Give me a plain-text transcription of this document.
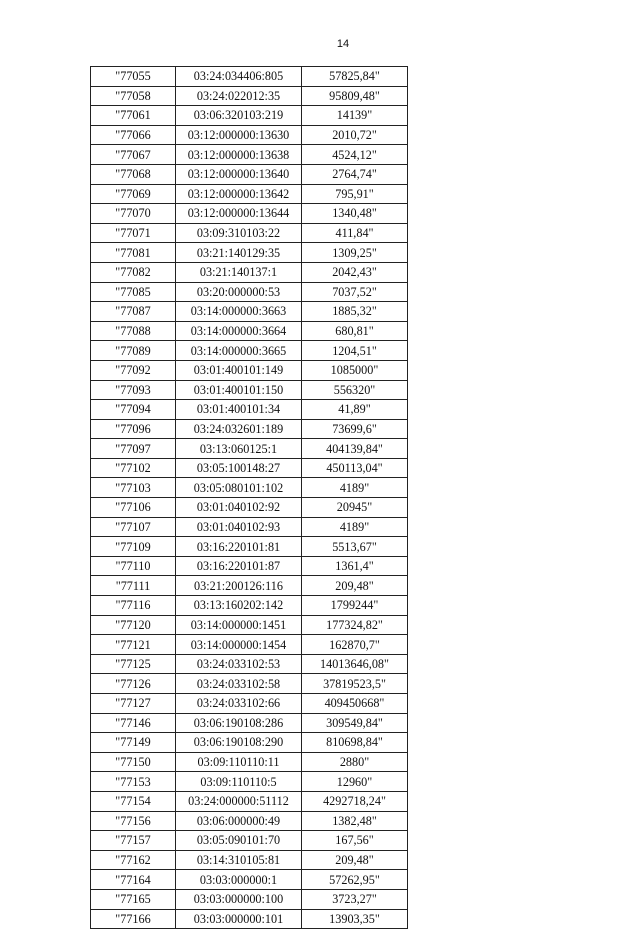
14
"77055	03:24:034406:805	57825,84"
"77058	03:24:022012:35	95809,48"
"77061	03:06:320103:219	14139"
"77066	03:12:000000:13630	2010,72"
"77067	03:12:000000:13638	4524,12"
"77068	03:12:000000:13640	2764,74"
"77069	03:12:000000:13642	795,91"
"77070	03:12:000000:13644	1340,48"
"77071	03:09:310103:22	411,84"
"77081	03:21:140129:35	1309,25"
"77082	03:21:140137:1	2042,43"
"77085	03:20:000000:53	7037,52"
"77087	03:14:000000:3663	1885,32"
"77088	03:14:000000:3664	680,81"
"77089	03:14:000000:3665	1204,51"
"77092	03:01:400101:149	1085000"
"77093	03:01:400101:150	556320"
"77094	03:01:400101:34	41,89"
"77096	03:24:032601:189	73699,6"
"77097	03:13:060125:1	404139,84"
"77102	03:05:100148:27	450113,04"
"77103	03:05:080101:102	4189"
"77106	03:01:040102:92	20945"
"77107	03:01:040102:93	4189"
"77109	03:16:220101:81	5513,67"
"77110	03:16:220101:87	1361,4"
"77111	03:21:200126:116	209,48"
"77116	03:13:160202:142	1799244"
"77120	03:14:000000:1451	177324,82"
"77121	03:14:000000:1454	162870,7"
"77125	03:24:033102:53	14013646,08"
"77126	03:24:033102:58	37819523,5"
"77127	03:24:033102:66	409450668"
"77146	03:06:190108:286	309549,84"
"77149	03:06:190108:290	810698,84"
"77150	03:09:110110:11	2880"
"77153	03:09:110110:5	12960"
"77154	03:24:000000:51112	4292718,24"
"77156	03:06:000000:49	1382,48"
"77157	03:05:090101:70	167,56"
"77162	03:14:310105:81	209,48"
"77164	03:03:000000:1	57262,95"
"77165	03:03:000000:100	3723,27"
"77166	03:03:000000:101	13903,35"
